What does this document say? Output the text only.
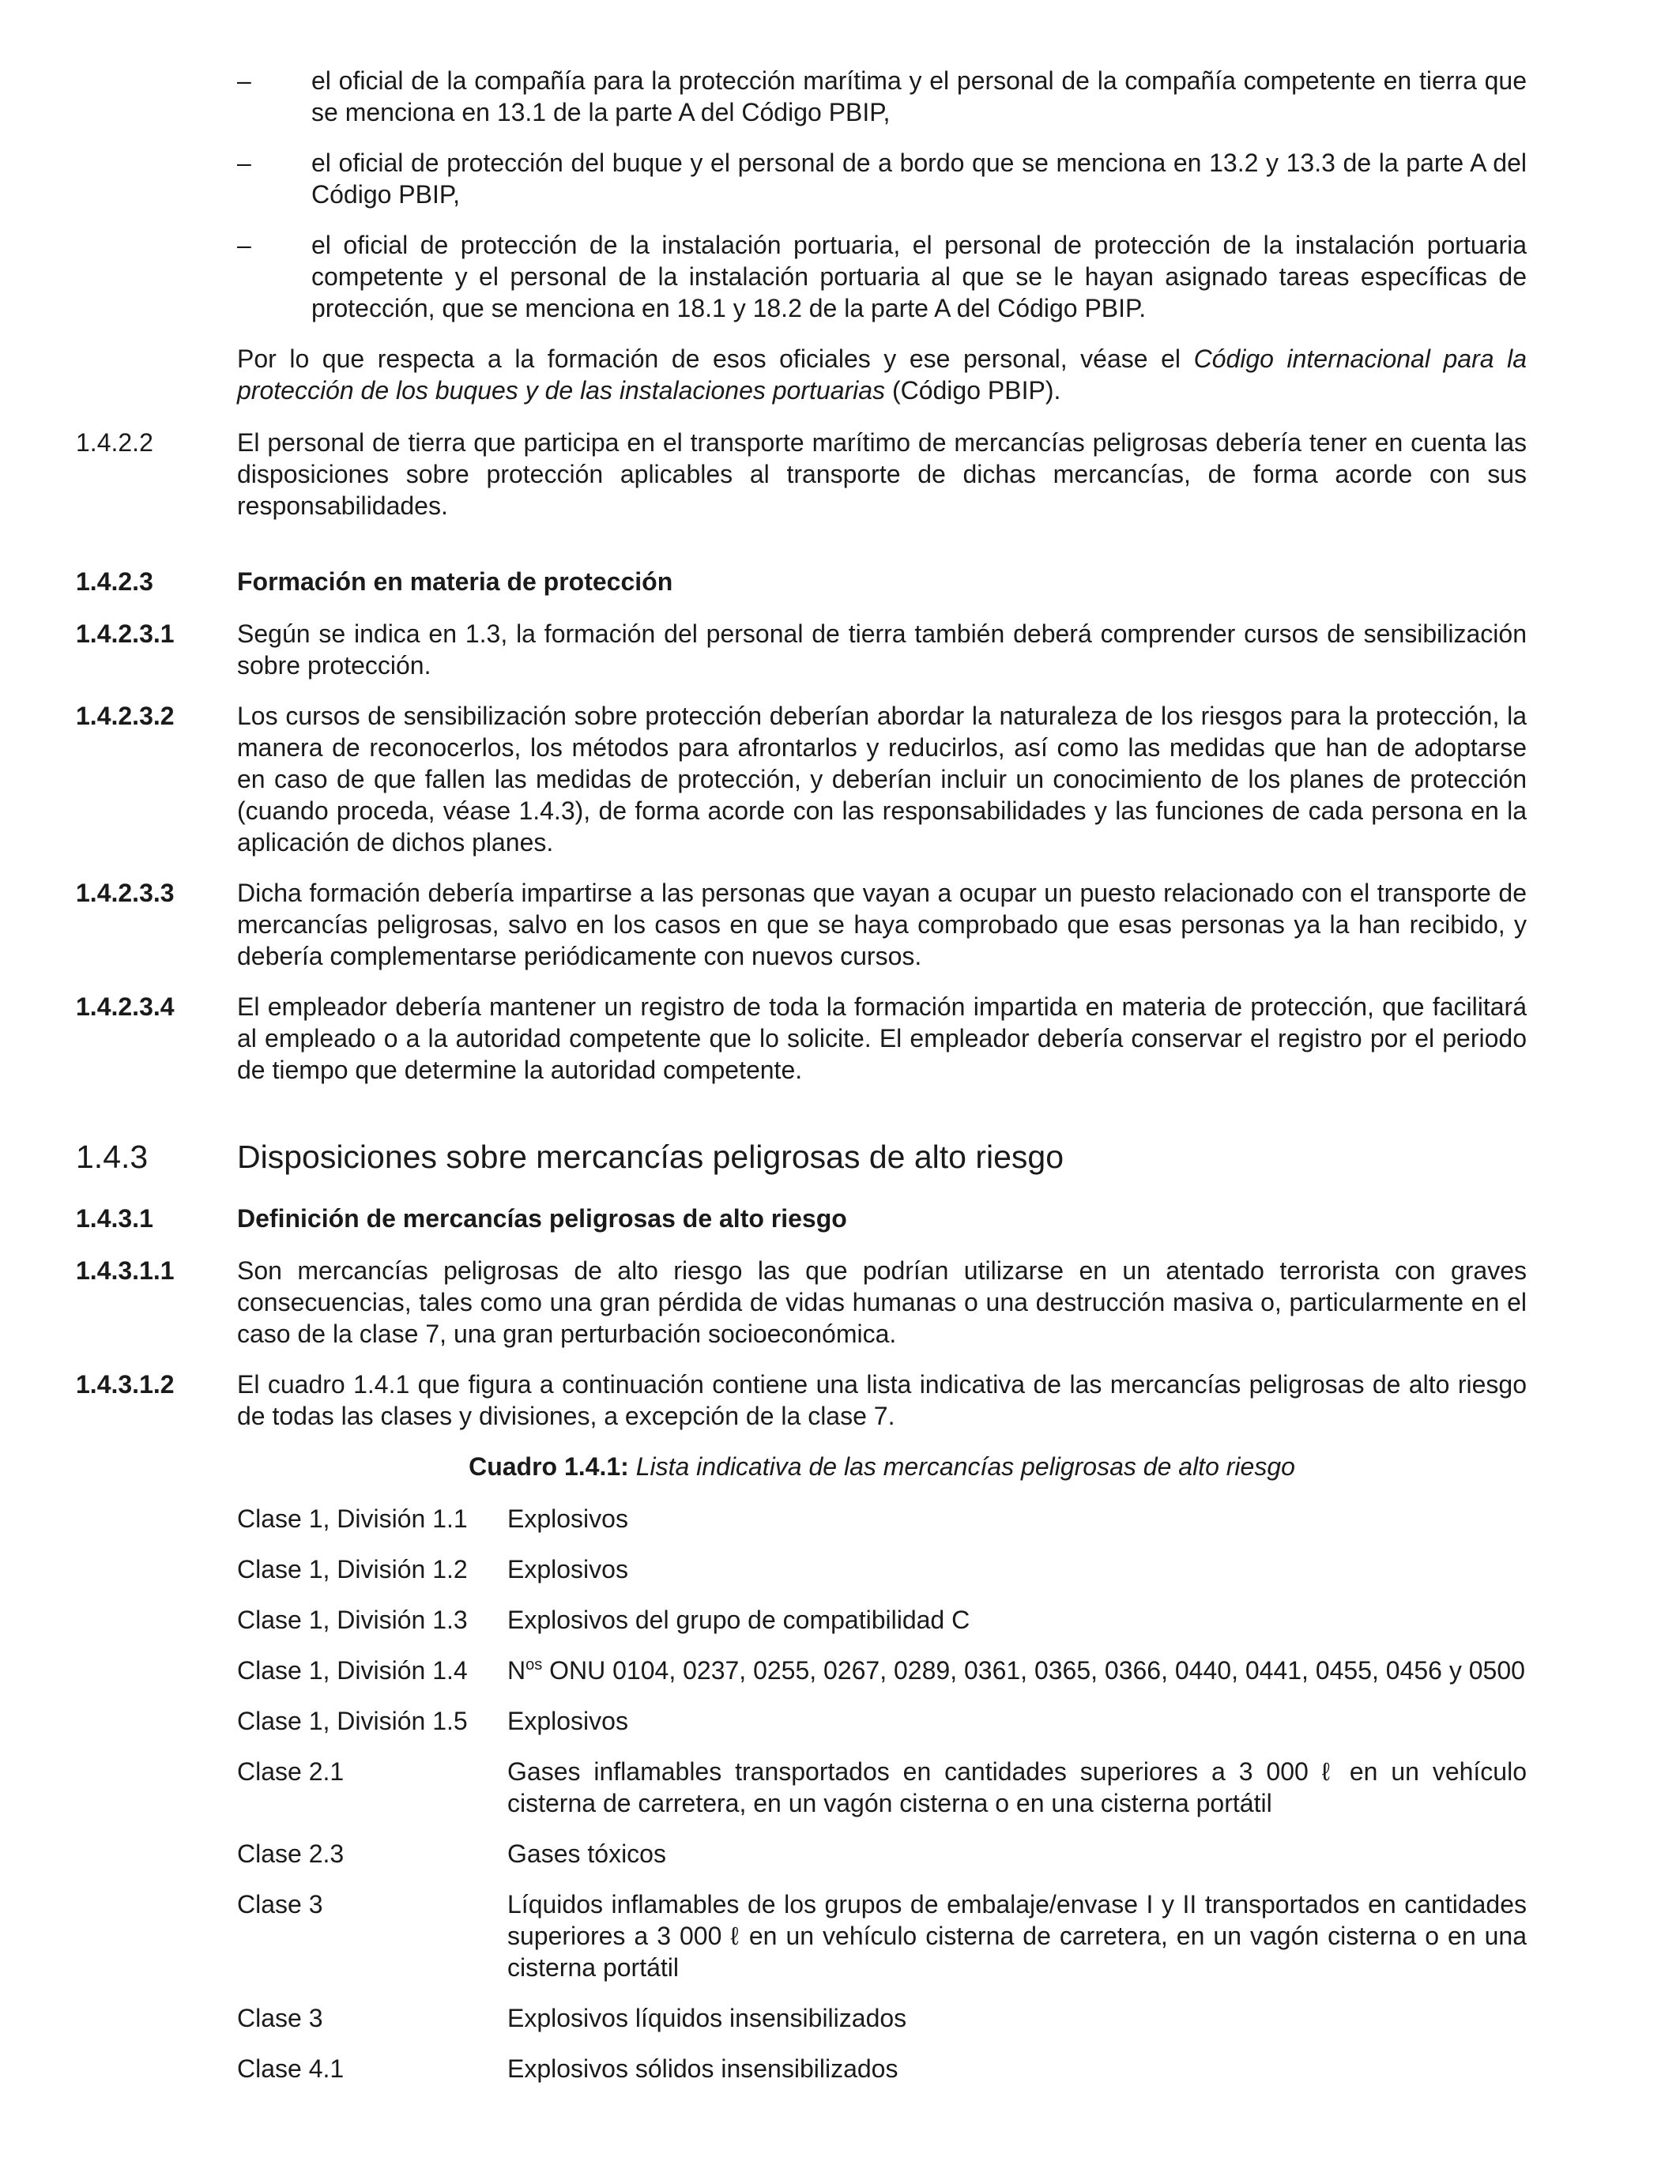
– el oficial de la compañía para la protección marítima y el personal de la compañía competente en tierra que se menciona en 13.1 de la parte A del Código PBIP,

– el oficial de protección del buque y el personal de a bordo que se menciona en 13.2 y 13.3 de la parte A del Código PBIP,

– el oficial de protección de la instalación portuaria, el personal de protección de la instalación portuaria competente y el personal de la instalación portuaria al que se le hayan asignado tareas específicas de protección, que se menciona en 18.1 y 18.2 de la parte A del Código PBIP.

Por lo que respecta a la formación de esos oficiales y ese personal, véase el Código internacional para la protección de los buques y de las instalaciones portuarias (Código PBIP).

1.4.2.2	El personal de tierra que participa en el transporte marítimo de mercancías peligrosas debería tener en cuenta las disposiciones sobre protección aplicables al transporte de dichas mercancías, de forma acorde con sus responsabilidades.

1.4.2.3	Formación en materia de protección

1.4.2.3.1	Según se indica en 1.3, la formación del personal de tierra también deberá comprender cursos de sensibilización sobre protección.

1.4.2.3.2	Los cursos de sensibilización sobre protección deberían abordar la naturaleza de los riesgos para la protección, la manera de reconocerlos, los métodos para afrontarlos y reducirlos, así como las medidas que han de adoptarse en caso de que fallen las medidas de protección, y deberían incluir un conocimiento de los planes de protección (cuando proceda, véase 1.4.3), de forma acorde con las responsabilidades y las funciones de cada persona en la aplicación de dichos planes.

1.4.2.3.3	Dicha formación debería impartirse a las personas que vayan a ocupar un puesto relacionado con el transporte de mercancías peligrosas, salvo en los casos en que se haya comprobado que esas personas ya la han recibido, y debería complementarse periódicamente con nuevos cursos.

1.4.2.3.4	El empleador debería mantener un registro de toda la formación impartida en materia de protección, que facilitará al empleado o a la autoridad competente que lo solicite. El empleador debería conservar el registro por el periodo de tiempo que determine la autoridad competente.

1.4.3	Disposiciones sobre mercancías peligrosas de alto riesgo

1.4.3.1	Definición de mercancías peligrosas de alto riesgo

1.4.3.1.1	Son mercancías peligrosas de alto riesgo las que podrían utilizarse en un atentado terrorista con graves consecuencias, tales como una gran pérdida de vidas humanas o una destrucción masiva o, particularmente en el caso de la clase 7, una gran perturbación socioeconómica.

1.4.3.1.2	El cuadro 1.4.1 que figura a continuación contiene una lista indicativa de las mercancías peligrosas de alto riesgo de todas las clases y divisiones, a excepción de la clase 7.

Cuadro 1.4.1: Lista indicativa de las mercancías peligrosas de alto riesgo
Clase 1, División 1.1	Explosivos

Clase 1, División 1.2	Explosivos

Clase 1, División 1.3	Explosivos del grupo de compatibilidad C

Clase 1, División 1.4	$N^{os}$ ONU 0104, 0237, 0255, 0267, 0289, 0361, 0365, 0366, 0440, 0441, 0455, 0456 y 0500

Clase 1, División 1.5	Explosivos

Clase 2.1	Gases inflamables transportados en cantidades superiores a 3 000 ℓ en un vehículo cisterna de carretera, en un vagón cisterna o en una cisterna portátil

Clase 2.3	Gases tóxicos

Clase 3	Líquidos inflamables de los grupos de embalaje/envase I y II transportados en cantidades superiores a 3 000 ℓ en un vehículo cisterna de carretera, en un vagón cisterna o en una cisterna portátil

Clase 3	Explosivos líquidos insensibilizados

Clase 4.1	Explosivos sólidos insensibilizados
